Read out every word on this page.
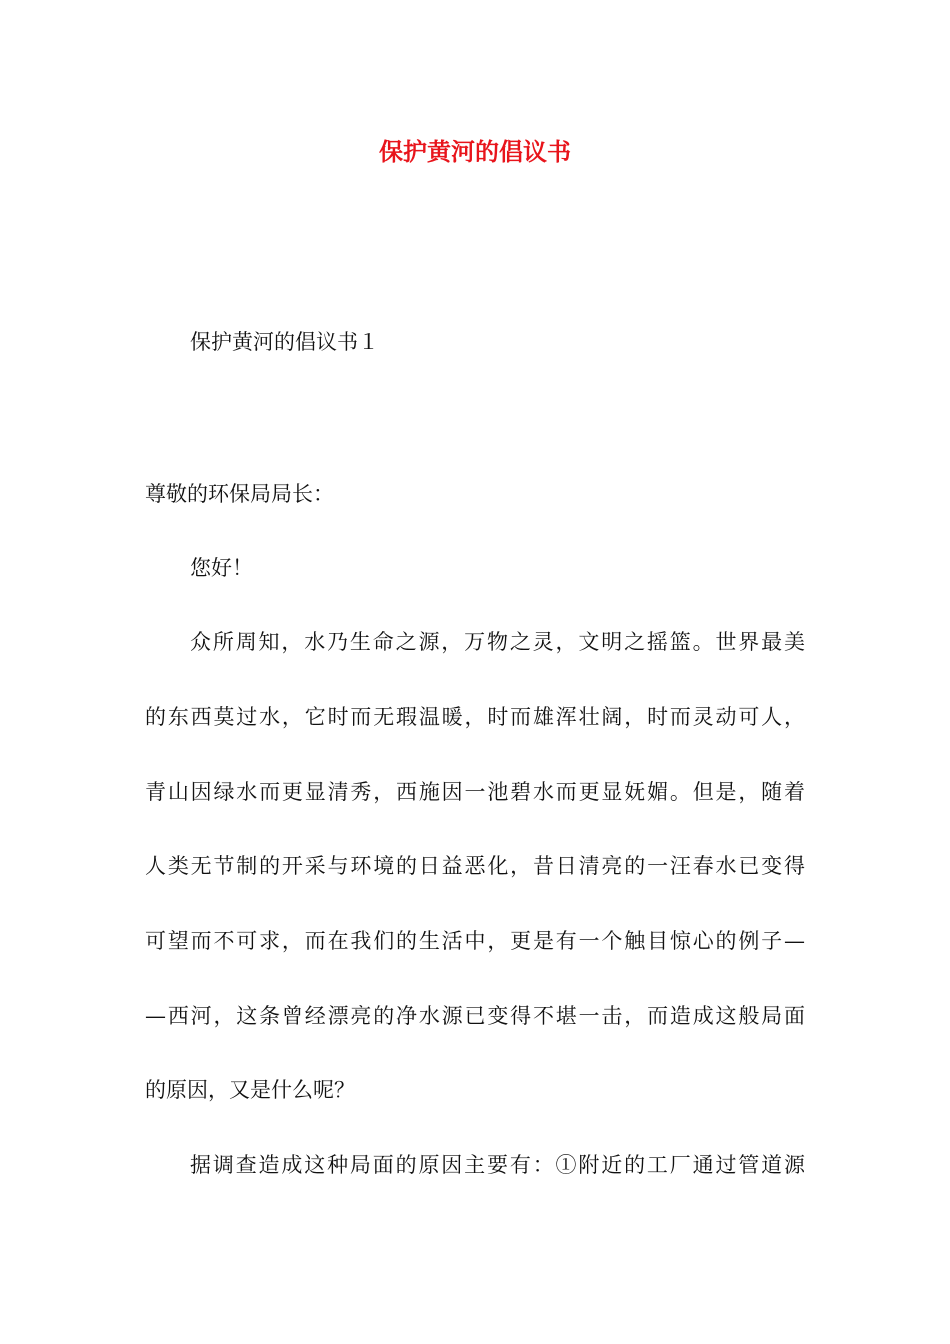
保护黄河的倡议书

保护黄河的倡议书１

尊敬的环保局局长：

您好！

众所周知，水乃生命之源，万物之灵，文明之摇篮。世界最美

的东西莫过水，它时而无瑕温暖，时而雄浑壮阔，时而灵动可人，

青山因绿水而更显清秀，西施因一池碧水而更显妩媚。但是，随着

人类无节制的开采与环境的日益恶化，昔日清亮的一汪春水已变得

可望而不可求，而在我们的生活中，更是有一个触目惊心的例子—

—西河，这条曾经漂亮的净水源已变得不堪一击，而造成这般局面

的原因，又是什么呢？

据调查造成这种局面的原因主要有：①附近的工厂通过管道源
